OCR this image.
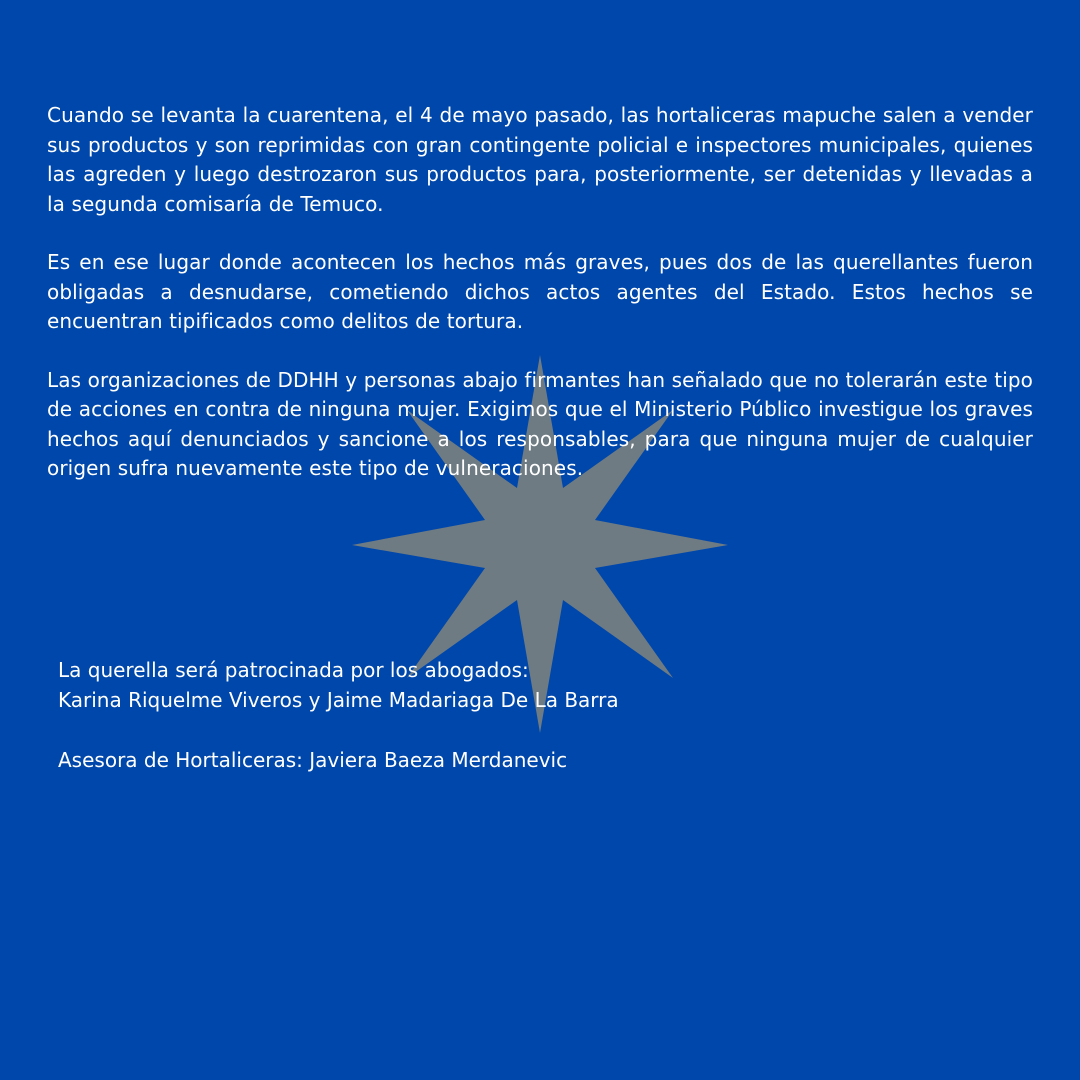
Cuando se levanta la cuarentena, el 4 de mayo pasado, las hortaliceras mapuche salen a vender sus productos y son reprimidas con gran contingente policial e inspectores municipales, quienes las agreden y luego destrozaron sus productos para, posteriormente, ser detenidas y llevadas a la segunda comisaría de Temuco.

Es en ese lugar donde acontecen los hechos más graves, pues dos de las querellantes fueron obligadas a desnudarse, cometiendo dichos actos agentes del Estado. Estos hechos se encuentran tipificados como delitos de tortura.

Las organizaciones de DDHH y personas abajo firmantes han señalado que no tolerarán este tipo de acciones en contra de ninguna mujer. Exigimos que el Ministerio Público investigue los graves hechos aquí denunciados y sancione a los responsables, para que ninguna mujer de cualquier origen sufra nuevamente este tipo de vulneraciones.

La querella será patrocinada por los abogados:
Karina Riquelme Viveros y Jaime Madariaga De La Barra
Asesora de Hortaliceras: Javiera Baeza Merdanevic
